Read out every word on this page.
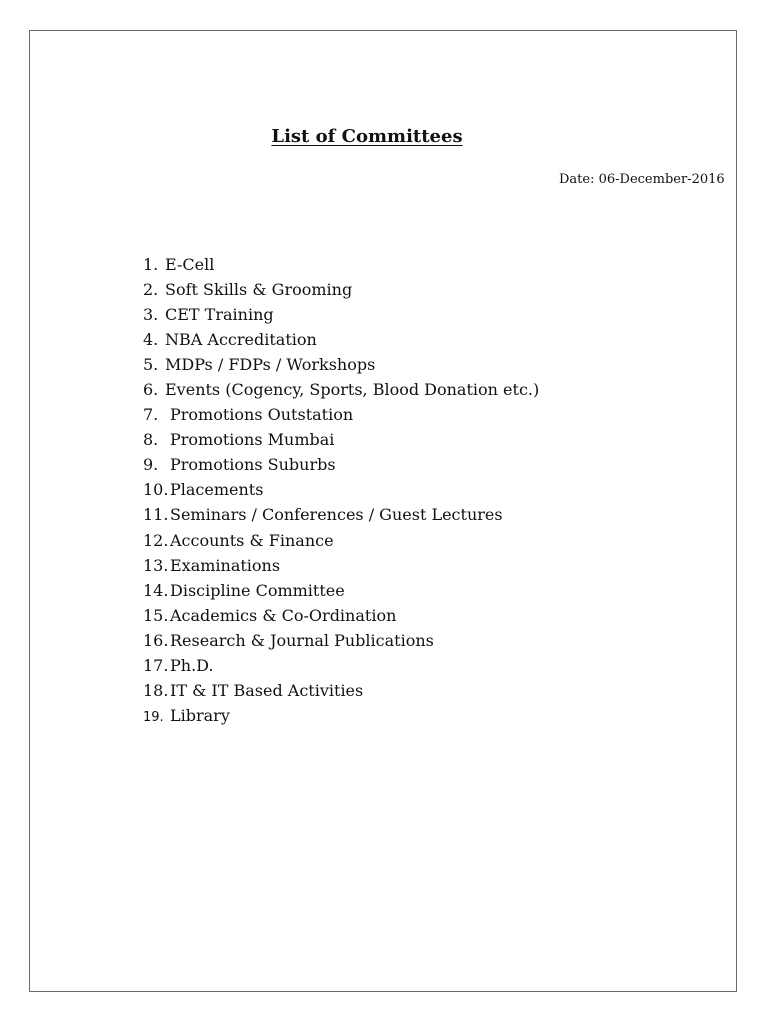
List of Committees
Date: 06-December-2016
1. E-Cell
2. Soft Skills & Grooming
3. CET Training
4. NBA Accreditation
5. MDPs / FDPs / Workshops
6. Events (Cogency, Sports, Blood Donation etc.)
7. Promotions Outstation
8. Promotions Mumbai
9. Promotions Suburbs
10.Placements
11.Seminars / Conferences / Guest Lectures
12.Accounts & Finance
13.Examinations
14.Discipline Committee
15.Academics & Co-Ordination
16.Research & Journal Publications
17.Ph.D.
18.IT & IT Based Activities
19. Library
